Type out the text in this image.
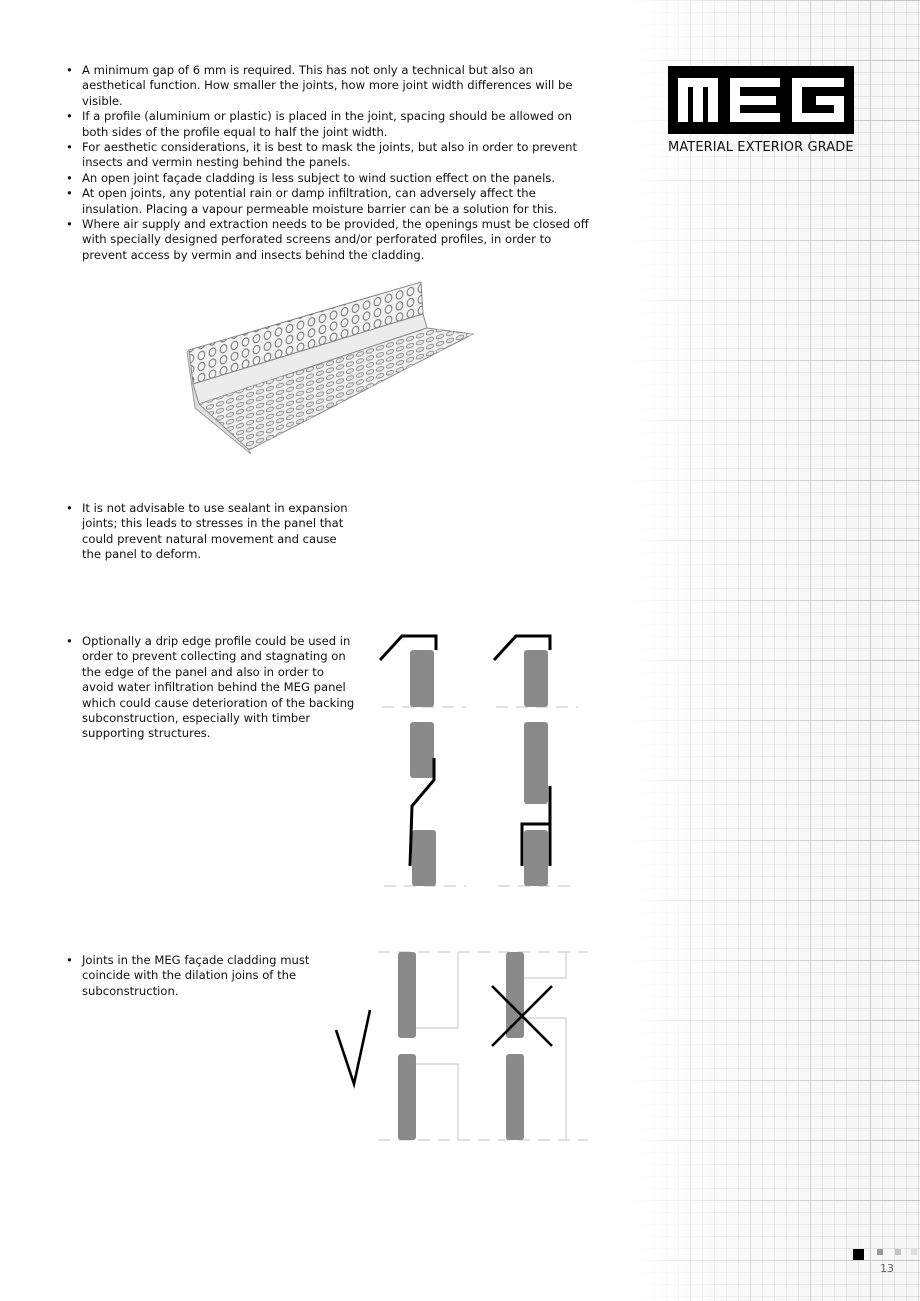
MATERIAL EXTERIOR GRADE
• A minimum gap of 6 mm is required. This has not only a technical but also an aesthetical function. How smaller the joints, how more joint width differences will be visible.
• If a profile (aluminium or plastic) is placed in the joint, spacing should be allowed on both sides of the profile equal to half the joint width.
• For aesthetic considerations, it is best to mask the joints, but also in order to prevent insects and vermin nesting behind the panels.
• An open joint façade cladding is less subject to wind suction effect on the panels.
• At open joints, any potential rain or damp infiltration, can adversely affect the insulation. Placing a vapour permeable moisture barrier can be a solution for this.
• Where air supply and extraction needs to be provided, the openings must be closed off with specially designed perforated screens and/or perforated profiles, in order to prevent access by vermin and insects behind the cladding.
• It is not advisable to use sealant in expansion joints; this leads to stresses in the panel that could prevent natural movement and cause the panel to deform.
• Optionally a drip edge profile could be used in order to prevent collecting and stagnating on the edge of the panel and also in order to avoid water infiltration behind the MEG panel which could cause deterioration of the backing subconstruction, especially with timber supporting structures.
• Joints in the MEG façade cladding must coincide with the dilation joins of the subconstruction.
13
